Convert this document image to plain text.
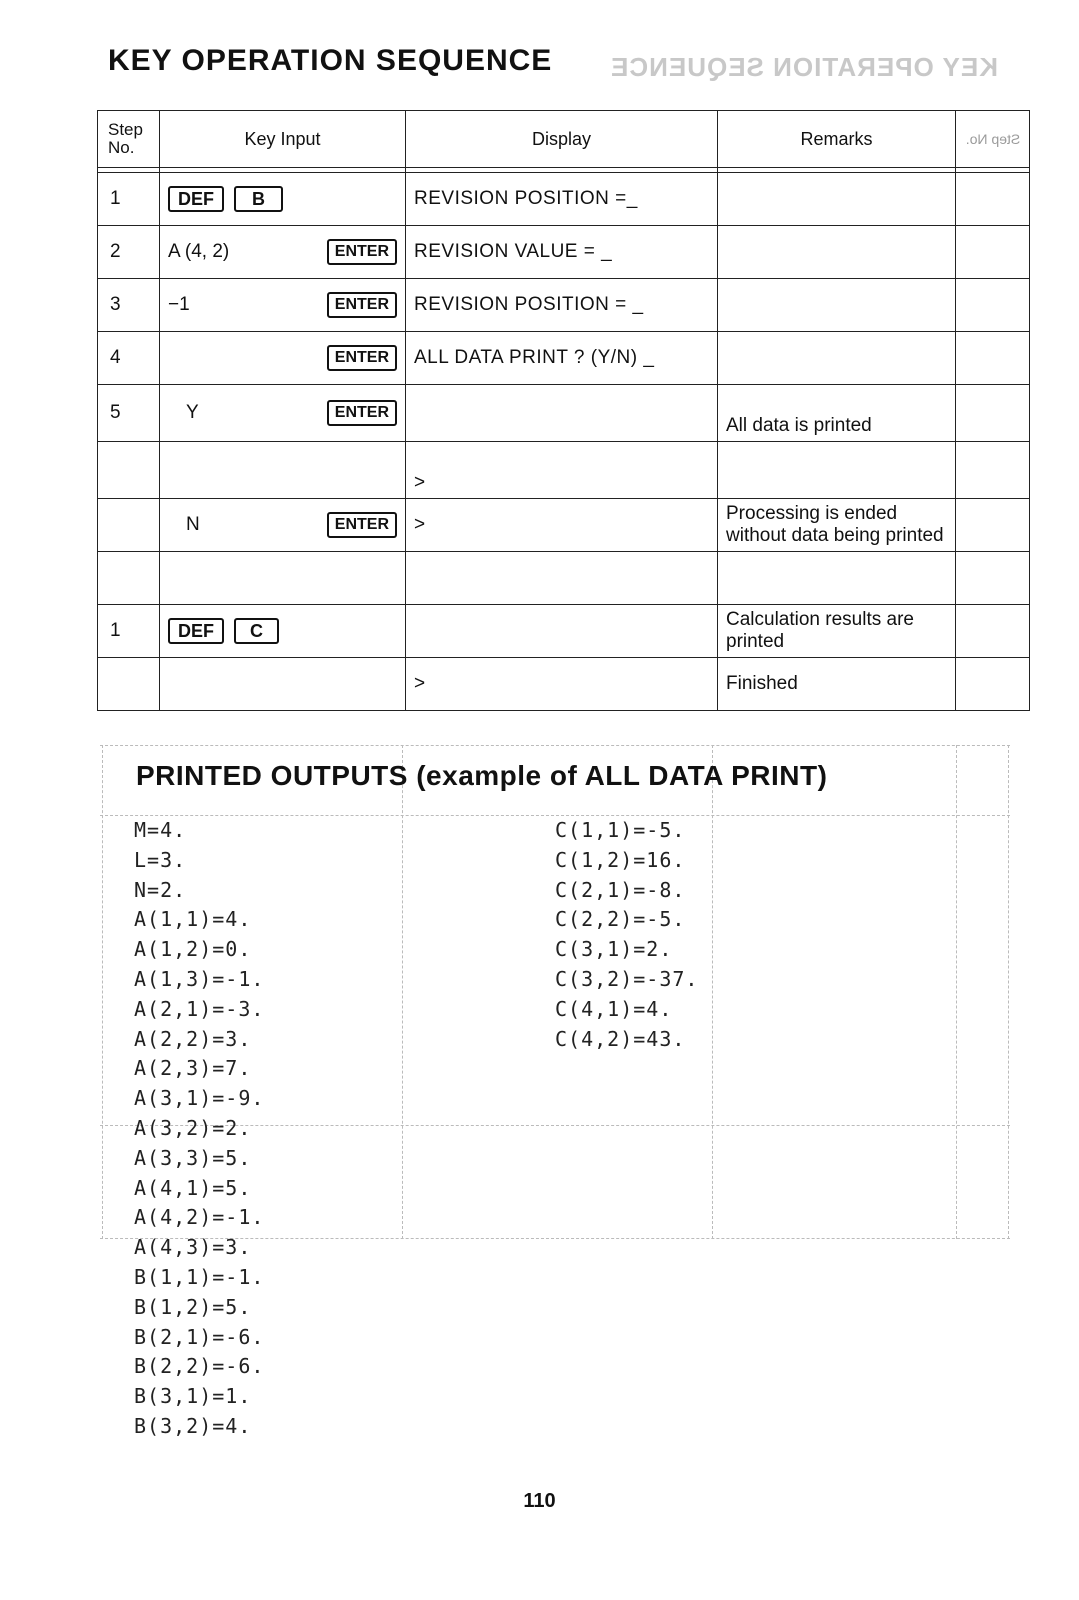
KEY OPERATION SEQUENCE KEY OPERATION SEQUENCE
Step No.	Key Input	Display	Remarks	Step No.

1	DEF B	REVISION POSITION =_		
2	A (4, 2) ENTER	REVISION VALUE = _		
3	−1 ENTER	REVISION POSITION = _		
4	ENTER	ALL DATA PRINT ? (Y/N) _		
5	Y ENTER		All data is printed	
		>		

	N ENTER	>	Processing is ended without data being printed	

1	DEF C		Calculation results are printed	
		>	Finished	
PRINTED OUTPUTS (example of ALL DATA PRINT)
M=4.
L=3.
N=2.
A(1,1)=4.
A(1,2)=0.
A(1,3)=-1.
A(2,1)=-3.
A(2,2)=3.
A(2,3)=7.
A(3,1)=-9.
A(3,2)=2.
A(3,3)=5.
A(4,1)=5.
A(4,2)=-1.
A(4,3)=3.
B(1,1)=-1.
B(1,2)=5.
B(2,1)=-6.
B(2,2)=-6.
B(3,1)=1.
B(3,2)=4.
C(1,1)=-5.
C(1,2)=16.
C(2,1)=-8.
C(2,2)=-5.
C(3,1)=2.
C(3,2)=-37.
C(4,1)=4.
C(4,2)=43.
110
